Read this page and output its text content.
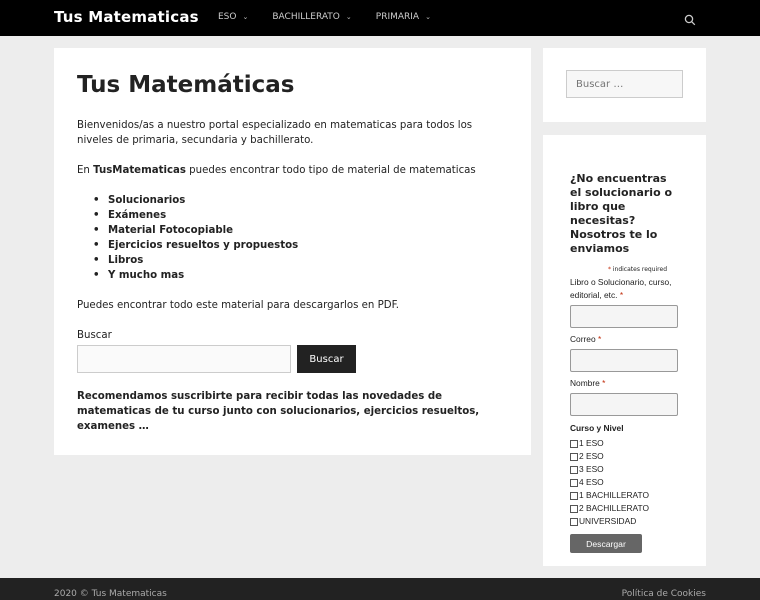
Tus Matematicas ESO ⌄	BACHILLERATO ⌄	PRIMARIA ⌄
Tus Matemáticas

Bienvenidos/as a nuestro portal especializado en matematicas para todos los niveles de primaria, secundaria y bachillerato.

En TusMatematicas puedes encontrar todo tipo de material de matematicas

• Solucionarios
• Exámenes
• Material Fotocopiable
• Ejercicios resueltos y propuestos
• Libros
• Y mucho mas

Puedes encontrar todo este material para descargarlos en PDF.

Buscar
Buscar

Recomendamos suscribirte para recibir todas las novedades de matematicas de tu curso junto con solucionarios, ejercicios resueltos, examenes …

Buscar …
¿No encuentras el solucionario o libro que necesitas? Nosotros te lo enviamos
* indicates required
Libro o Solucionario, curso, editorial, etc. *
Correo *
Nombre *
Curso y Nivel
1 ESO
2 ESO
3 ESO
4 ESO
1 BACHILLERATO
2 BACHILLERATO
UNIVERSIDAD
Descargar
2020 © Tus Matematicas	Política de Cookies
